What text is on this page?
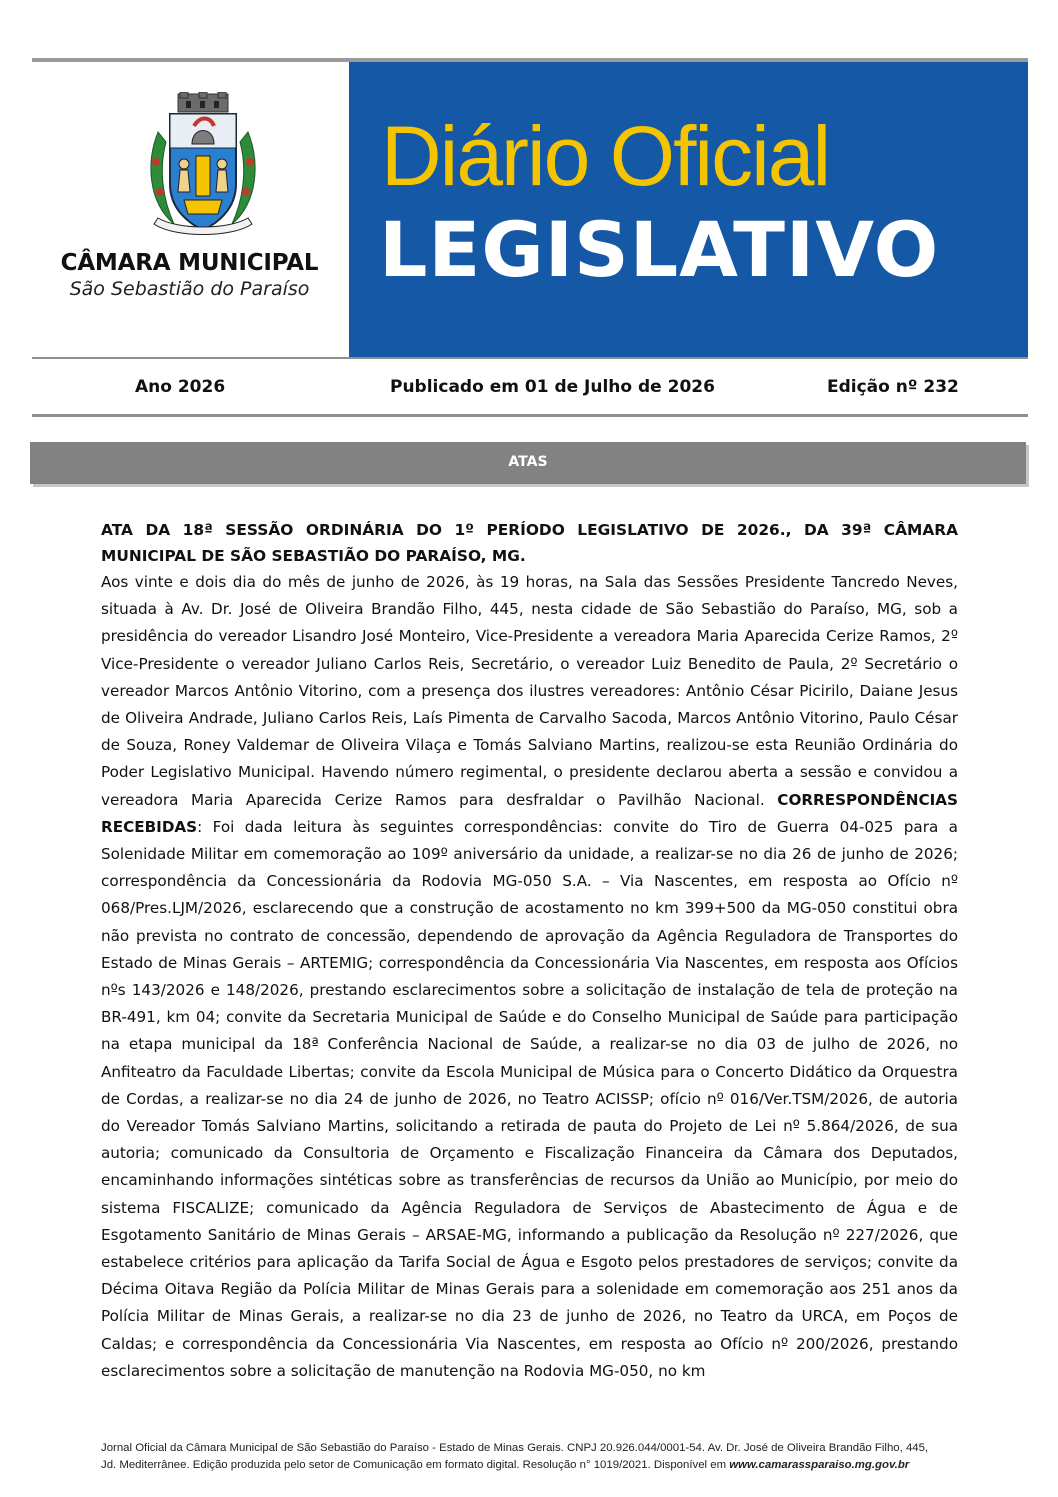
CÂMARA MUNICIPAL
São Sebastião do Paraíso
Diário Oficial
LEGISLATIVO
Ano 2026	Publicado em 01 de Julho de 2026	Edição nº 232
ATAS
ATA DA 18ª SESSÃO ORDINÁRIA DO 1º PERÍODO LEGISLATIVO DE 2026., DA 39ª CÂMARA MUNICIPAL DE SÃO SEBASTIÃO DO PARAÍSO, MG.

Aos vinte e dois dia do mês de junho de 2026, às 19 horas, na Sala das Sessões Presidente Tancredo Neves, situada à Av. Dr. José de Oliveira Brandão Filho, 445, nesta cidade de São Sebastião do Paraíso, MG, sob a presidência do vereador Lisandro José Monteiro, Vice-Presidente a vereadora Maria Aparecida Cerize Ramos, 2º Vice-Presidente o vereador Juliano Carlos Reis, Secretário, o vereador Luiz Benedito de Paula, 2º Secretário o vereador Marcos Antônio Vitorino, com a presença dos ilustres vereadores: Antônio César Picirilo, Daiane Jesus de Oliveira Andrade, Juliano Carlos Reis, Laís Pimenta de Carvalho Sacoda, Marcos Antônio Vitorino, Paulo César de Souza, Roney Valdemar de Oliveira Vilaça e Tomás Salviano Martins, realizou-se esta Reunião Ordinária do Poder Legislativo Municipal. Havendo número regimental, o presidente declarou aberta a sessão e convidou a vereadora Maria Aparecida Cerize Ramos para desfraldar o Pavilhão Nacional. CORRESPONDÊNCIAS RECEBIDAS: Foi dada leitura às seguintes correspondências: convite do Tiro de Guerra 04-025 para a Solenidade Militar em comemoração ao 109º aniversário da unidade, a realizar-se no dia 26 de junho de 2026; correspondência da Concessionária da Rodovia MG-050 S.A. – Via Nascentes, em resposta ao Ofício nº 068/Pres.LJM/2026, esclarecendo que a construção de acostamento no km 399+500 da MG-050 constitui obra não prevista no contrato de concessão, dependendo de aprovação da Agência Reguladora de Transportes do Estado de Minas Gerais – ARTEMIG; correspondência da Concessionária Via Nascentes, em resposta aos Ofícios nºs 143/2026 e 148/2026, prestando esclarecimentos sobre a solicitação de instalação de tela de proteção na BR-491, km 04; convite da Secretaria Municipal de Saúde e do Conselho Municipal de Saúde para participação na etapa municipal da 18ª Conferência Nacional de Saúde, a realizar-se no dia 03 de julho de 2026, no Anfiteatro da Faculdade Libertas; convite da Escola Municipal de Música para o Concerto Didático da Orquestra de Cordas, a realizar-se no dia 24 de junho de 2026, no Teatro ACISSP; ofício nº 016/Ver.TSM/2026, de autoria do Vereador Tomás Salviano Martins, solicitando a retirada de pauta do Projeto de Lei nº 5.864/2026, de sua autoria; comunicado da Consultoria de Orçamento e Fiscalização Financeira da Câmara dos Deputados, encaminhando informações sintéticas sobre as transferências de recursos da União ao Município, por meio do sistema FISCALIZE; comunicado da Agência Reguladora de Serviços de Abastecimento de Água e de Esgotamento Sanitário de Minas Gerais – ARSAE-MG, informando a publicação da Resolução nº 227/2026, que estabelece critérios para aplicação da Tarifa Social de Água e Esgoto pelos prestadores de serviços; convite da Décima Oitava Região da Polícia Militar de Minas Gerais para a solenidade em comemoração aos 251 anos da Polícia Militar de Minas Gerais, a realizar-se no dia 23 de junho de 2026, no Teatro da URCA, em Poços de Caldas; e correspondência da Concessionária Via Nascentes, em resposta ao Ofício nº 200/2026, prestando esclarecimentos sobre a solicitação de manutenção na Rodovia MG-050, no km

Jornal Oficial da Câmara Municipal de São Sebastião do Paraíso - Estado de Minas Gerais. CNPJ 20.926.044/0001-54. Av. Dr. José de Oliveira Brandão Filho, 445,
Jd. Mediterrânee. Edição produzida pelo setor de Comunicação em formato digital. Resolução n° 1019/2021. Disponível em www.camarassparaiso.mg.gov.br
